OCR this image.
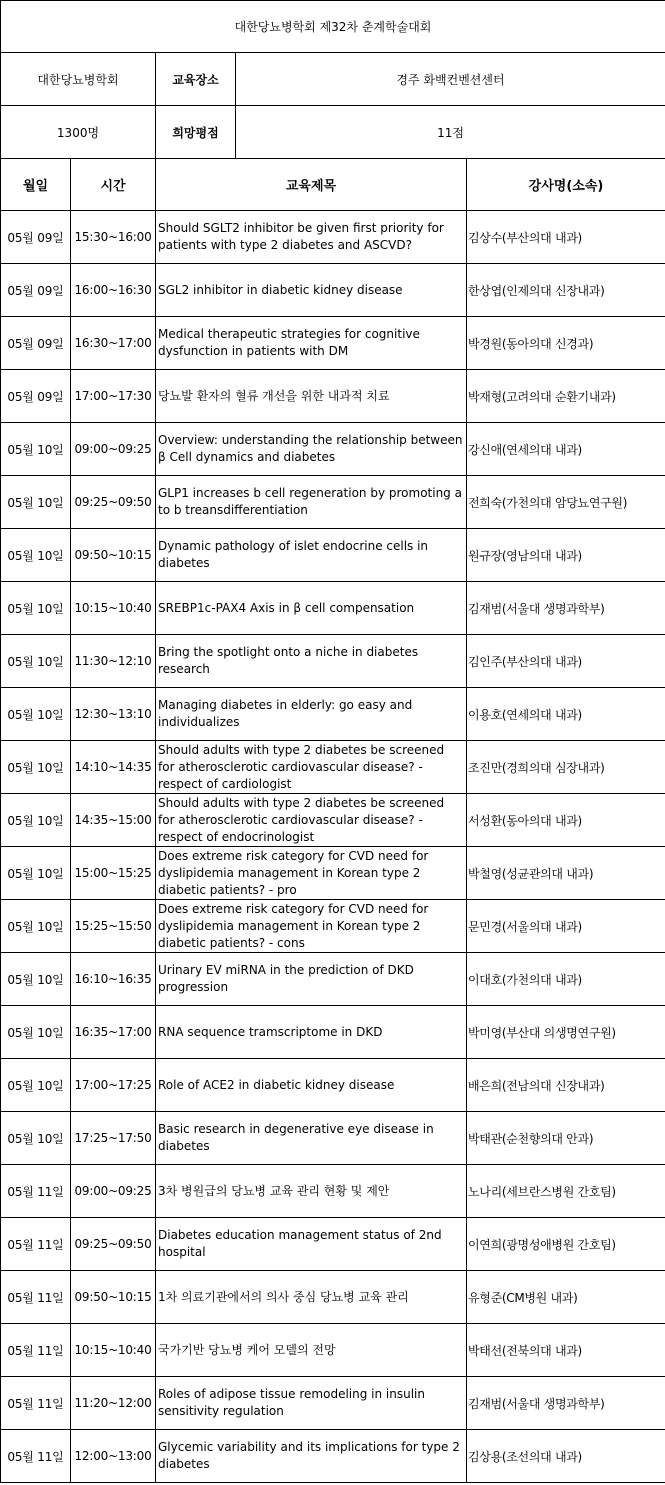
대한당뇨병학회 제32차 춘계학술대회		
대한당뇨병학회	교육장소	경주 화백컨벤션센터
1300명	희망평점	11점
월일	시간	교육제목	강사명(소속)
05월 09일	15:30~16:00	Should SGLT2 inhibitor be given first priority for patients with type 2 diabetes and ASCVD?	김상수(부산의대 내과)
05월 09일	16:00~16:30	SGL2 inhibitor in diabetic kidney disease	한상엽(인제의대 신장내과)
05월 09일	16:30~17:00	Medical therapeutic strategies for cognitive dysfunction in patients with DM	박경원(동아의대 신경과)
05월 09일	17:00~17:30	당뇨발 환자의 혈류 개선을 위한 내과적 치료	박재형(고려의대 순환기내과)
05월 10일	09:00~09:25	Overview: understanding the relationship between β Cell dynamics and diabetes	강신애(연세의대 내과)
05월 10일	09:25~09:50	GLP1 increases b cell regeneration by promoting a to b treansdifferentiation	전희숙(가천의대 암당뇨연구원)
05월 10일	09:50~10:15	Dynamic pathology of islet endocrine cells in diabetes	원규장(영남의대 내과)
05월 10일	10:15~10:40	SREBP1c-PAX4 Axis in β cell compensation	김재범(서울대 생명과학부)
05월 10일	11:30~12:10	Bring the spotlight onto a niche in diabetes research	김인주(부산의대 내과)
05월 10일	12:30~13:10	Managing diabetes in elderly: go easy and individualizes	이용호(연세의대 내과)
05월 10일	14:10~14:35	Should adults with type 2 diabetes be screened for atherosclerotic cardiovascular disease? - respect of cardiologist	조진만(경희의대 심장내과)
05월 10일	14:35~15:00	Should adults with type 2 diabetes be screened for atherosclerotic cardiovascular disease? - respect of endocrinologist	서성환(동아의대 내과)
05월 10일	15:00~15:25	Does extreme risk category for CVD need for dyslipidemia management in Korean type 2 diabetic patients? - pro	박철영(성균관의대 내과)
05월 10일	15:25~15:50	Does extreme risk category for CVD need for dyslipidemia management in Korean type 2 diabetic patients? - cons	문민경(서울의대 내과)
05월 10일	16:10~16:35	Urinary EV miRNA in the prediction of DKD progression	이대호(가천의대 내과)
05월 10일	16:35~17:00	RNA sequence tramscriptome in DKD	박미영(부산대 의생명연구원)
05월 10일	17:00~17:25	Role of ACE2 in diabetic kidney disease	배은희(전남의대 신장내과)
05월 10일	17:25~17:50	Basic research in degenerative eye disease in diabetes	박태관(순천향의대 안과)
05월 11일	09:00~09:25	3차 병원급의 당뇨병 교육 관리 현황 및 제안	노나리(세브란스병원 간호팀)
05월 11일	09:25~09:50	Diabetes education management status of 2nd hospital	이연희(광명성애병원 간호팀)
05월 11일	09:50~10:15	1차 의료기관에서의 의사 중심 당뇨병 교육 관리	유형준(CM병원 내과)
05월 11일	10:15~10:40	국가기반 당뇨병 케어 모델의 전망	박태선(전북의대 내과)
05월 11일	11:20~12:00	Roles of adipose tissue remodeling in insulin sensitivity regulation	김재범(서울대 생명과학부)
05월 11일	12:00~13:00	Glycemic variability and its implications for type 2 diabetes	김상용(조선의대 내과)
